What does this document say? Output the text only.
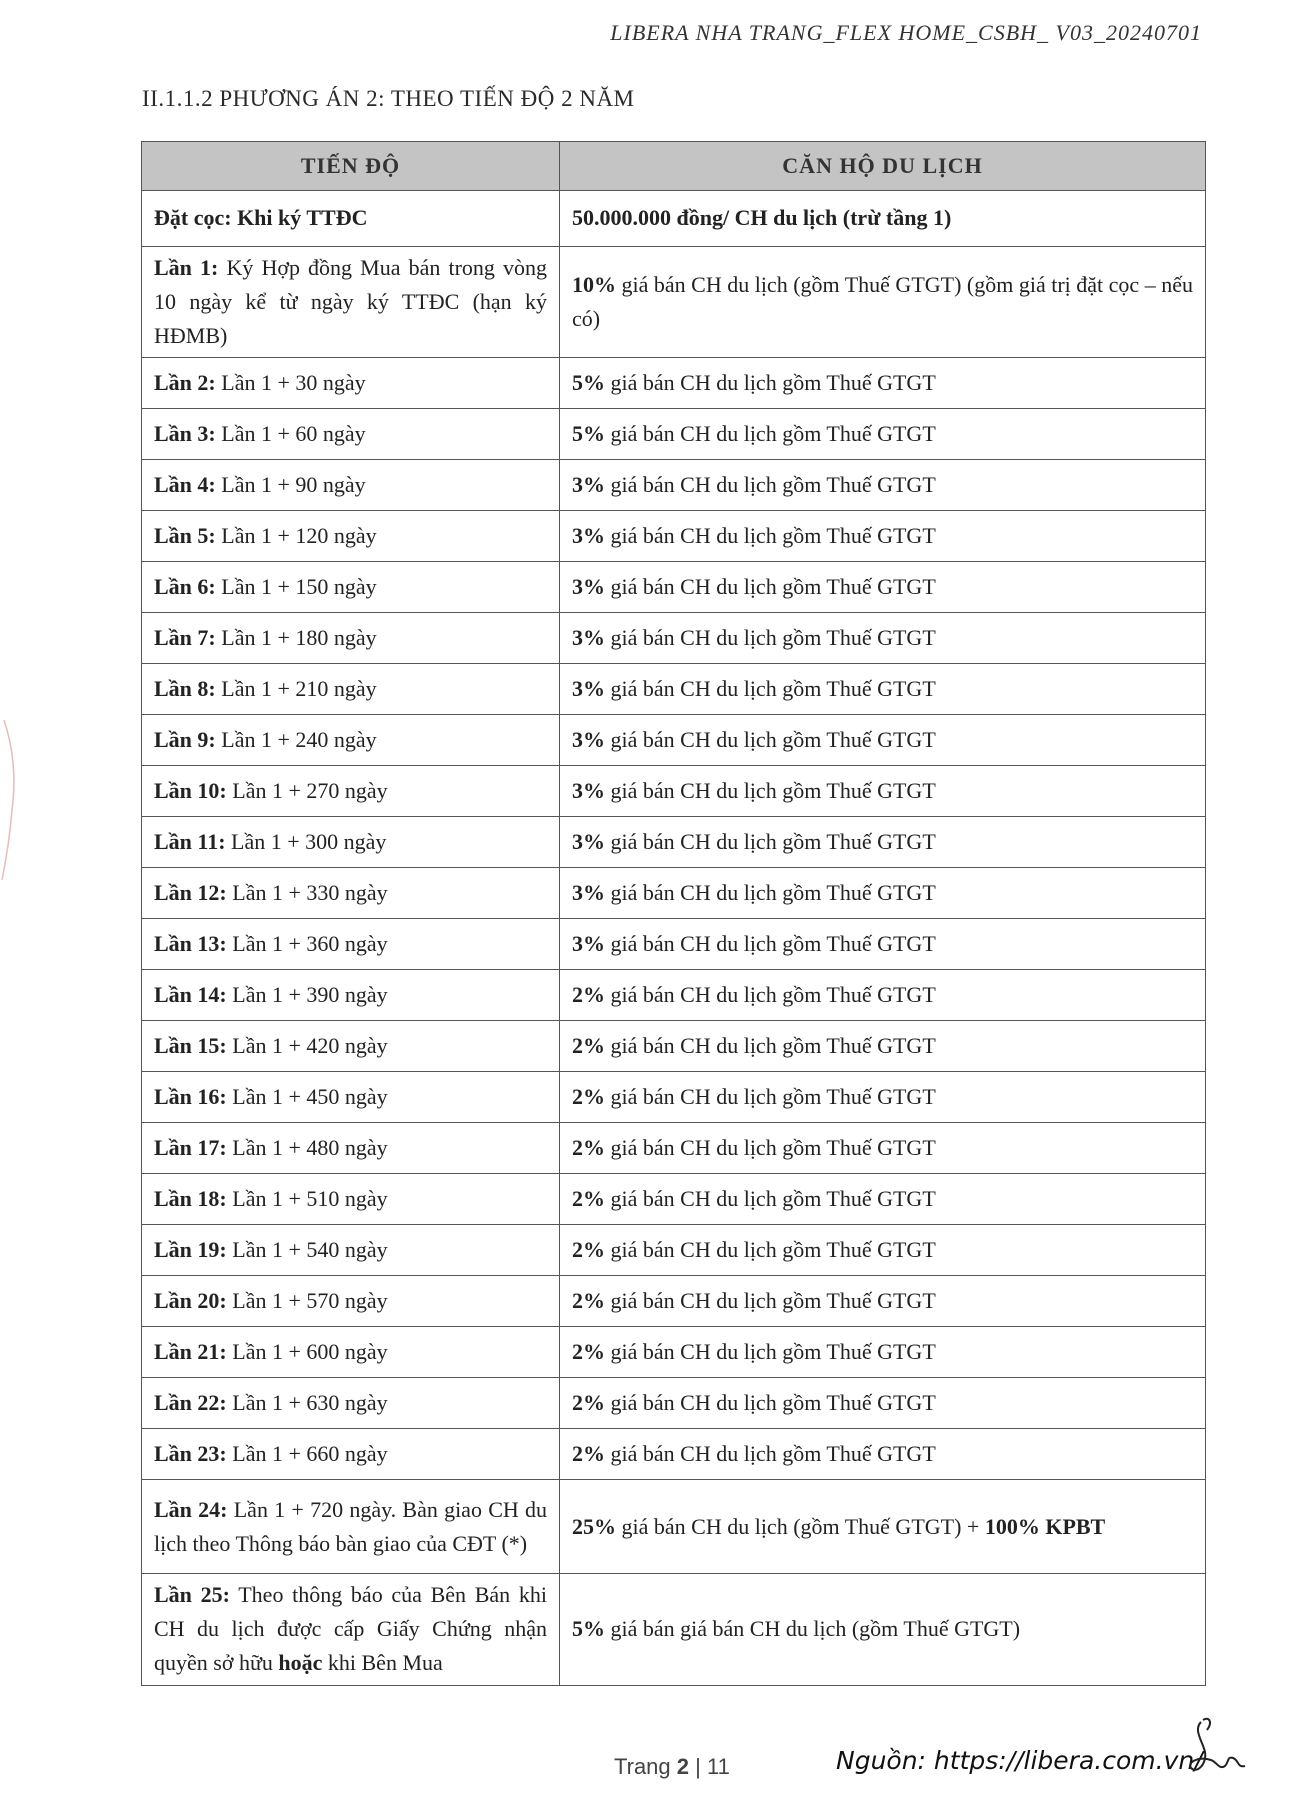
LIBERA NHA TRANG_FLEX HOME_CSBH_ V03_20240701
II.1.1.2 PHƯƠNG ÁN 2: THEO TIẾN ĐỘ 2 NĂM
TIẾN ĐỘ	CĂN HỘ DU LỊCH
Đặt cọc: Khi ký TTĐC	50.000.000 đồng/ CH du lịch (trừ tầng 1)
Lần 1: Ký Hợp đồng Mua bán trong vòng 10 ngày kể từ ngày ký TTĐC (hạn ký HĐMB)	10% giá bán CH du lịch (gồm Thuế GTGT) (gồm giá trị đặt cọc – nếu có)
Lần 2: Lần 1 + 30 ngày	5% giá bán CH du lịch gồm Thuế GTGT
Lần 3: Lần 1 + 60 ngày	5% giá bán CH du lịch gồm Thuế GTGT
Lần 4: Lần 1 + 90 ngày	3% giá bán CH du lịch gồm Thuế GTGT
Lần 5: Lần 1 + 120 ngày	3% giá bán CH du lịch gồm Thuế GTGT
Lần 6: Lần 1 + 150 ngày	3% giá bán CH du lịch gồm Thuế GTGT
Lần 7: Lần 1 + 180 ngày	3% giá bán CH du lịch gồm Thuế GTGT
Lần 8: Lần 1 + 210 ngày	3% giá bán CH du lịch gồm Thuế GTGT
Lần 9: Lần 1 + 240 ngày	3% giá bán CH du lịch gồm Thuế GTGT
Lần 10: Lần 1 + 270 ngày	3% giá bán CH du lịch gồm Thuế GTGT
Lần 11: Lần 1 + 300 ngày	3% giá bán CH du lịch gồm Thuế GTGT
Lần 12: Lần 1 + 330 ngày	3% giá bán CH du lịch gồm Thuế GTGT
Lần 13: Lần 1 + 360 ngày	3% giá bán CH du lịch gồm Thuế GTGT
Lần 14: Lần 1 + 390 ngày	2% giá bán CH du lịch gồm Thuế GTGT
Lần 15: Lần 1 + 420 ngày	2% giá bán CH du lịch gồm Thuế GTGT
Lần 16: Lần 1 + 450 ngày	2% giá bán CH du lịch gồm Thuế GTGT
Lần 17: Lần 1 + 480 ngày	2% giá bán CH du lịch gồm Thuế GTGT
Lần 18: Lần 1 + 510 ngày	2% giá bán CH du lịch gồm Thuế GTGT
Lần 19: Lần 1 + 540 ngày	2% giá bán CH du lịch gồm Thuế GTGT
Lần 20: Lần 1 + 570 ngày	2% giá bán CH du lịch gồm Thuế GTGT
Lần 21: Lần 1 + 600 ngày	2% giá bán CH du lịch gồm Thuế GTGT
Lần 22: Lần 1 + 630 ngày	2% giá bán CH du lịch gồm Thuế GTGT
Lần 23: Lần 1 + 660 ngày	2% giá bán CH du lịch gồm Thuế GTGT
Lần 24: Lần 1 + 720 ngày. Bàn giao CH du lịch theo Thông báo bàn giao của CĐT (*)	25% giá bán CH du lịch (gồm Thuế GTGT) + 100% KPBT
Lần 25: Theo thông báo của Bên Bán khi CH du lịch được cấp Giấy Chứng nhận quyền sở hữu hoặc khi Bên Mua	5% giá bán giá bán CH du lịch (gồm Thuế GTGT)
Trang 2 | 11	Nguồn: https://libera.com.vn/
